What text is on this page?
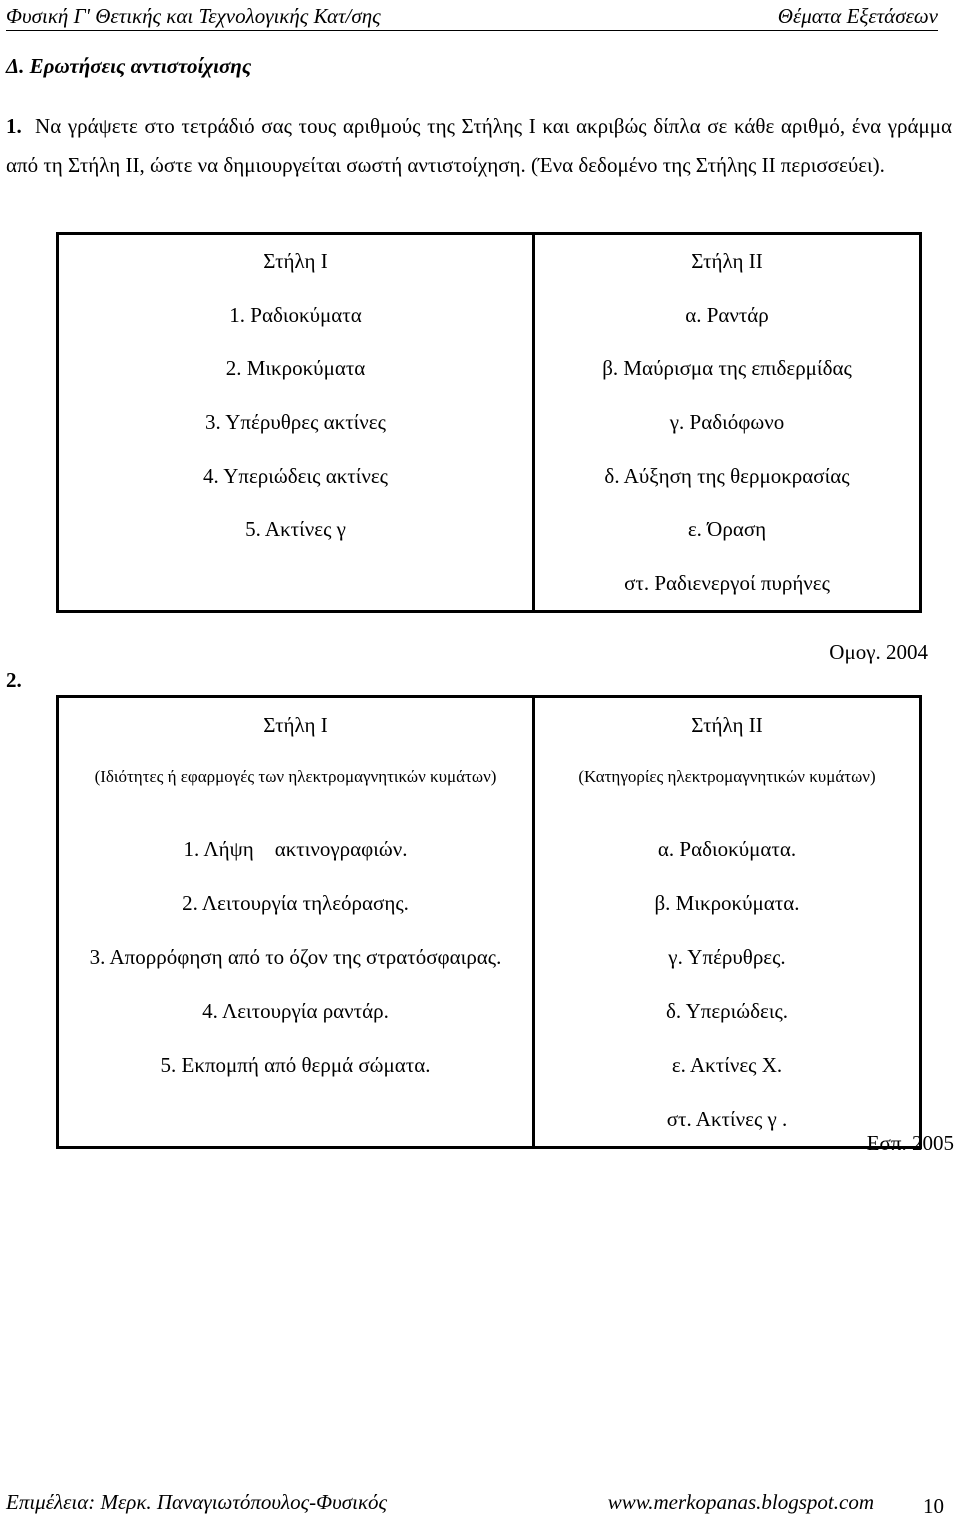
Φυσική Γ' Θετικής και Τεχνολογικής Κατ/σης	Θέματα Εξετάσεων
Δ. Ερωτήσεις αντιστοίχισης
1. Να γράψετε στο τετράδιό σας τους αριθμούς της Στήλης Ι και ακριβώς δίπλα σε κάθε αριθμό, ένα γράμμα από τη Στήλη ΙΙ, ώστε να δημιουργείται σωστή αντιστοίχηση. (Ένα δεδομένο της Στήλης ΙΙ περισσεύει).
Στήλη Ι	Στήλη ΙΙ
1. Ραδιοκύματα	α. Ραντάρ
2. Μικροκύματα	β. Μαύρισμα της επιδερμίδας
3. Υπέρυθρες ακτίνες	γ. Ραδιόφωνο
4. Υπεριώδεις ακτίνες	δ. Αύξηση της θερμοκρασίας
5. Ακτίνες γ	ε. Όραση
	στ. Ραδιενεργοί πυρήνες
Ομογ. 2004
2.
Στήλη Ι	Στήλη ΙΙ
(Ιδιότητες ή εφαρμογές των ηλεκτρομαγνητικών κυμάτων)	(Κατηγορίες ηλεκτρομαγνητικών κυμάτων)

1. Λήψη    ακτινογραφιών.	α. Ραδιοκύματα.
2. Λειτουργία τηλεόρασης.	β. Μικροκύματα.
3. Απορρόφηση από το όζον της στρατόσφαιρας.	γ. Υπέρυθρες.
4. Λειτουργία ραντάρ.	δ. Υπεριώδεις.
5. Εκπομπή από θερμά σώματα.	ε. Ακτίνες Χ.
	στ. Ακτίνες γ .
Εσπ. 2005
Επιμέλεια: Μερκ. Παναγιωτόπουλος-Φυσικός	www.merkopanas.blogspot.com 10
